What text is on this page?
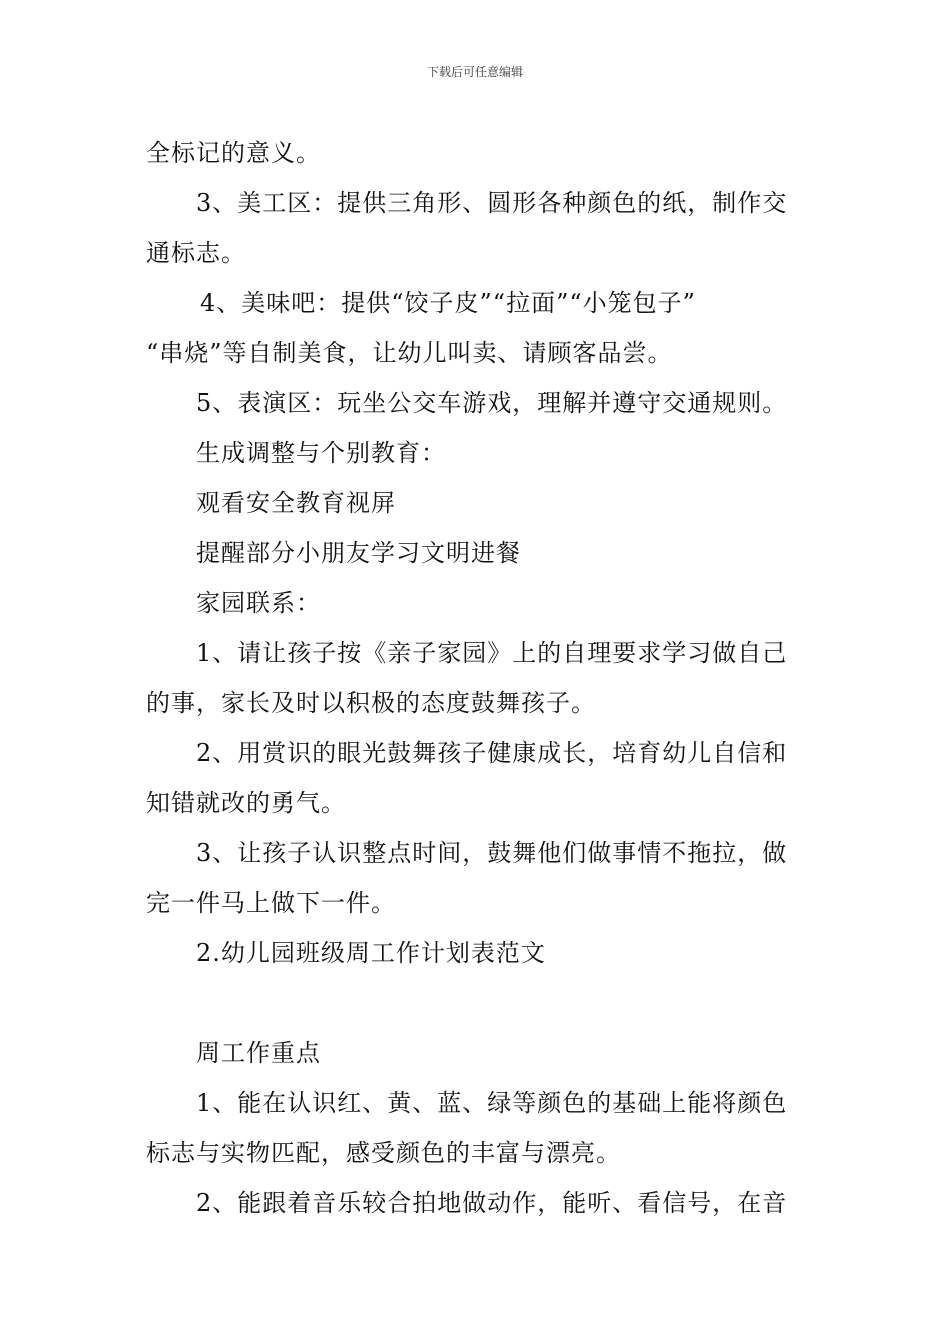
下载后可任意编辑
全标记的意义。
3、美工区：提供三角形、圆形各种颜色的纸，制作交
通标志。
4、美味吧：提供“饺子皮”“拉面”“小笼包子”
“串烧”等自制美食，让幼儿叫卖、请顾客品尝。
5、表演区：玩坐公交车游戏，理解并遵守交通规则。
生成调整与个别教育：
观看安全教育视屏
提醒部分小朋友学习文明进餐
家园联系：
1、请让孩子按《亲子家园》上的自理要求学习做自己
的事，家长及时以积极的态度鼓舞孩子。
2、用赏识的眼光鼓舞孩子健康成长，培育幼儿自信和
知错就改的勇气。
3、让孩子认识整点时间，鼓舞他们做事情不拖拉，做
完一件马上做下一件。
2.幼儿园班级周工作计划表范文
周工作重点
1、能在认识红、黄、蓝、绿等颜色的基础上能将颜色
标志与实物匹配，感受颜色的丰富与漂亮。
2、能跟着音乐较合拍地做动作，能听、看信号，在音
